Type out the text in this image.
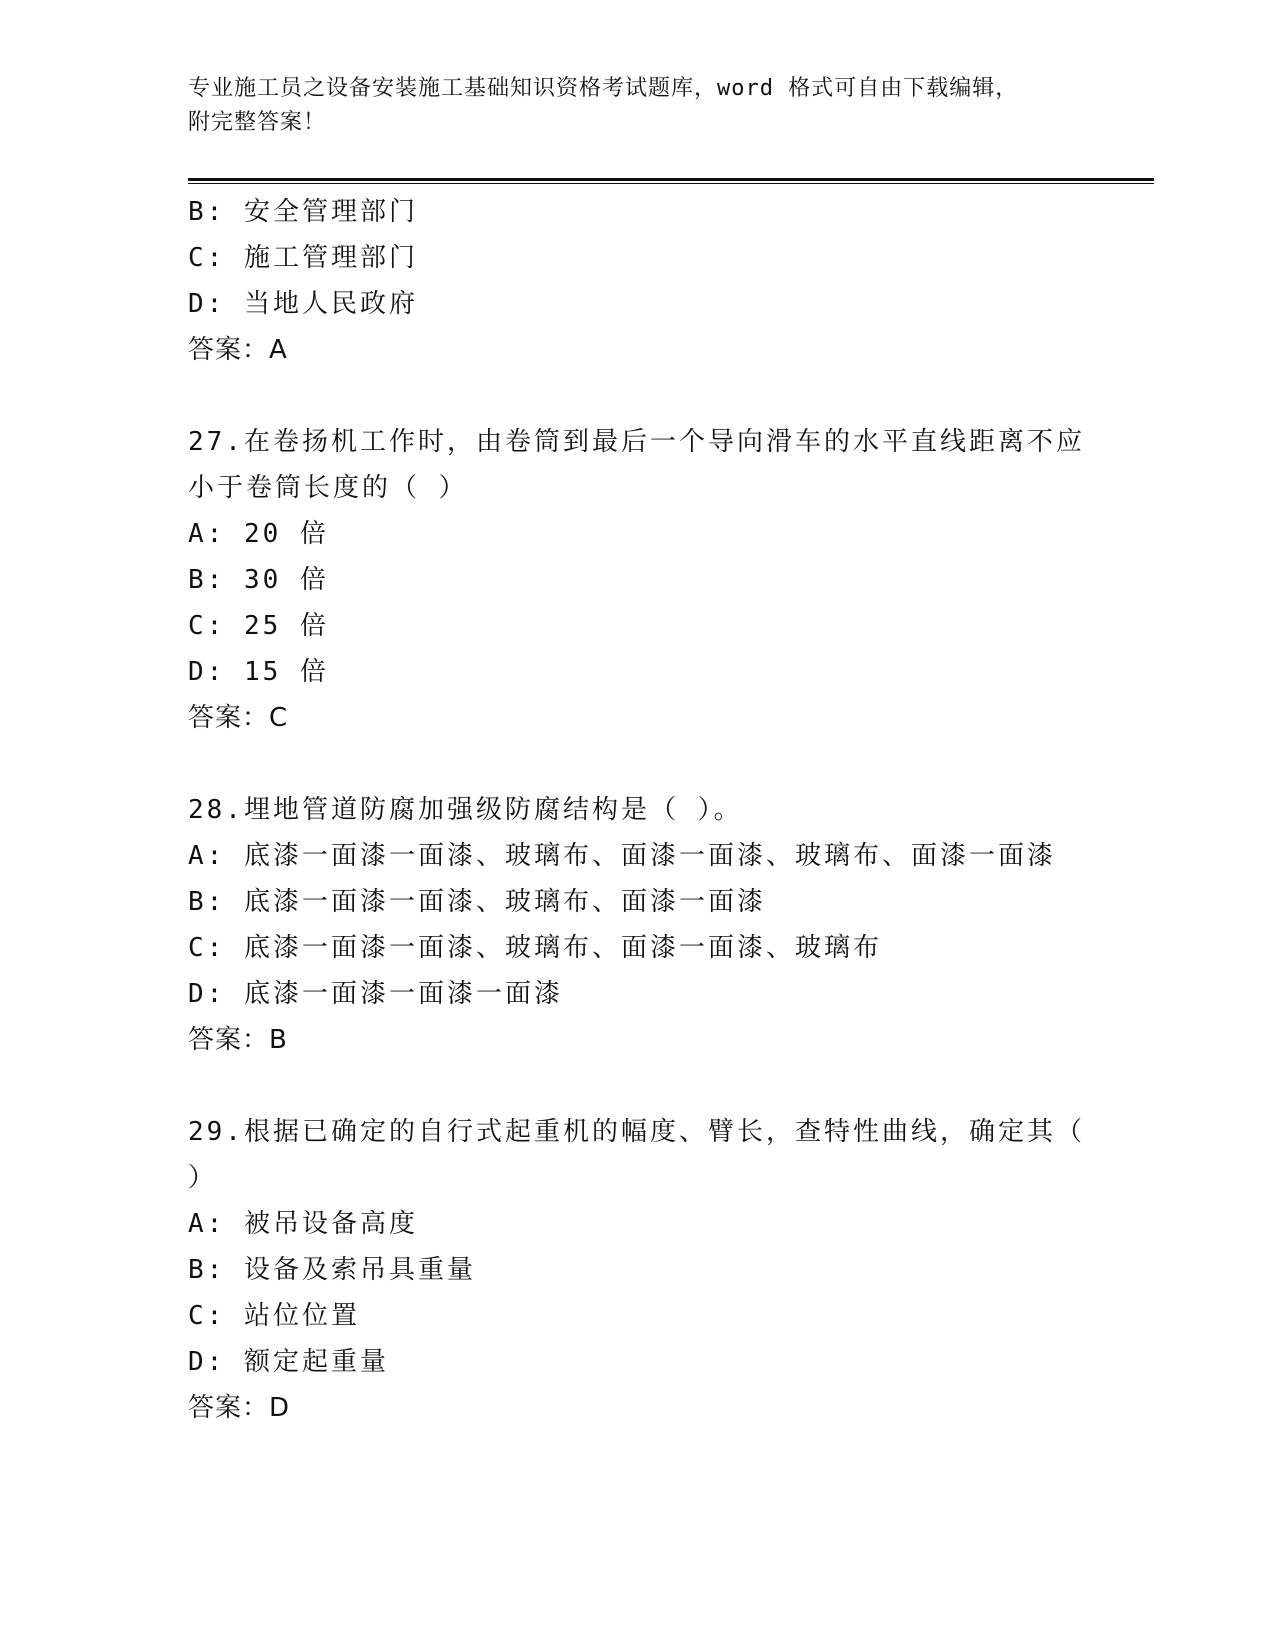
专业施工员之设备安装施工基础知识资格考试题库，word 格式可自由下载编辑，
附完整答案！
B: 安全管理部门
C: 施工管理部门
D: 当地人民政府
答案：A
27.在卷扬机工作时，由卷筒到最后一个导向滑车的水平直线距离不应
小于卷筒长度的（ ）
A: 20 倍
B: 30 倍
C: 25 倍
D: 15 倍
答案：C
28.埋地管道防腐加强级防腐结构是（ ）。
A: 底漆一面漆一面漆、玻璃布、面漆一面漆、玻璃布、面漆一面漆
B: 底漆一面漆一面漆、玻璃布、面漆一面漆
C: 底漆一面漆一面漆、玻璃布、面漆一面漆、玻璃布
D: 底漆一面漆一面漆一面漆
答案：B
29.根据已确定的自行式起重机的幅度、臂长，查特性曲线，确定其（
）
A: 被吊设备高度
B: 设备及索吊具重量
C: 站位位置
D: 额定起重量
答案：D
